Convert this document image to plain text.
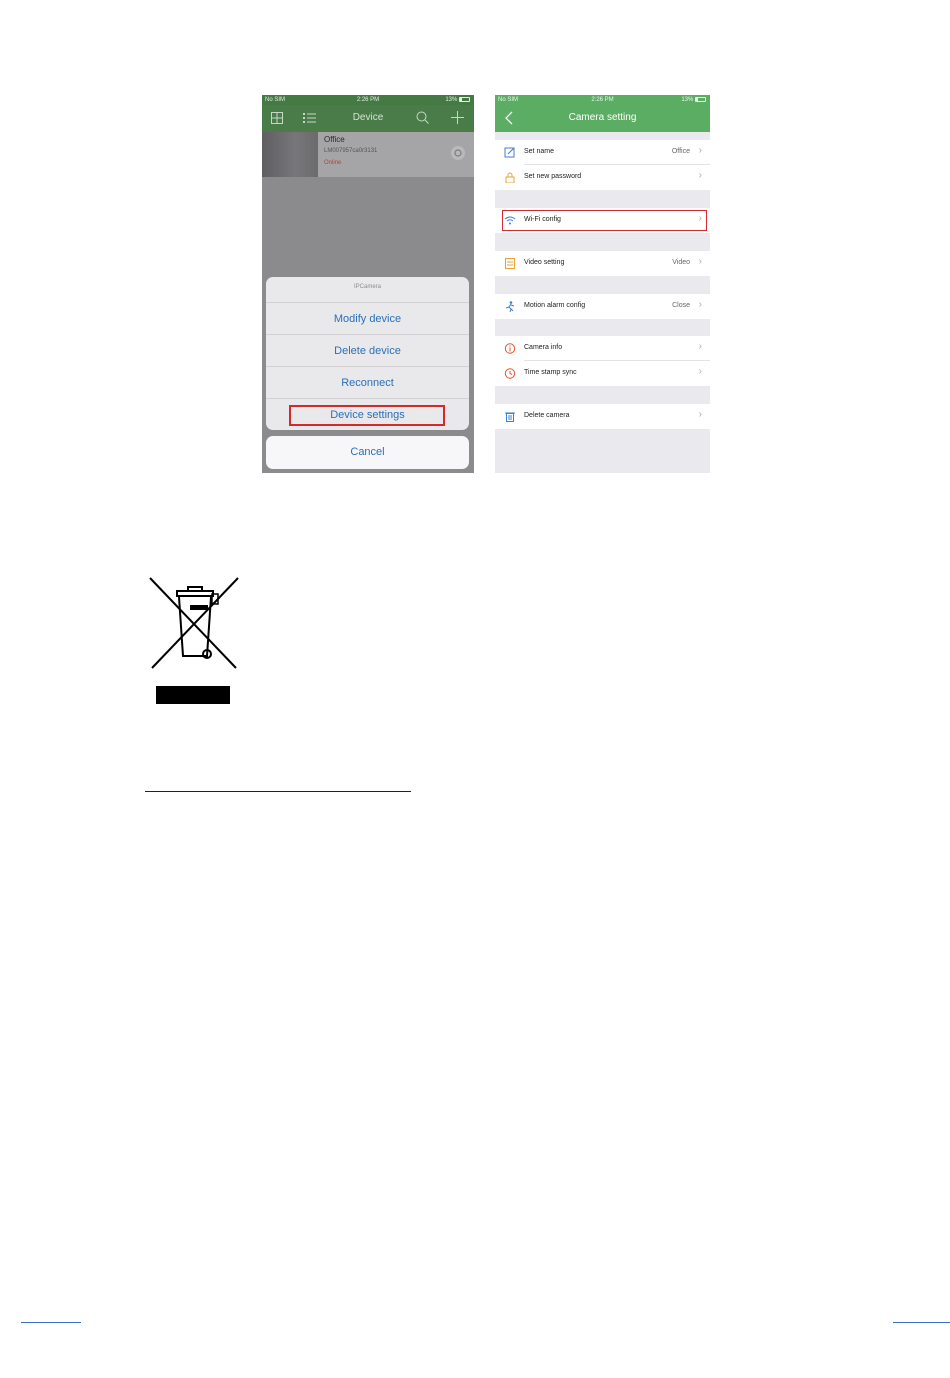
No SIM	2:26 PM	13%
Device
Office
LM007957ca0r3131
Online
IPCamera
Modify device
Delete device
Reconnect
Device settings
Cancel
No SIM	2:26 PM	13%
Camera setting
Set name	Office ›
Set new password	›
Wi-Fi config	›
Video setting	Video ›
Motion alarm config	Close ›
Camera info	›
Time stamp sync	›
Delete camera	›
